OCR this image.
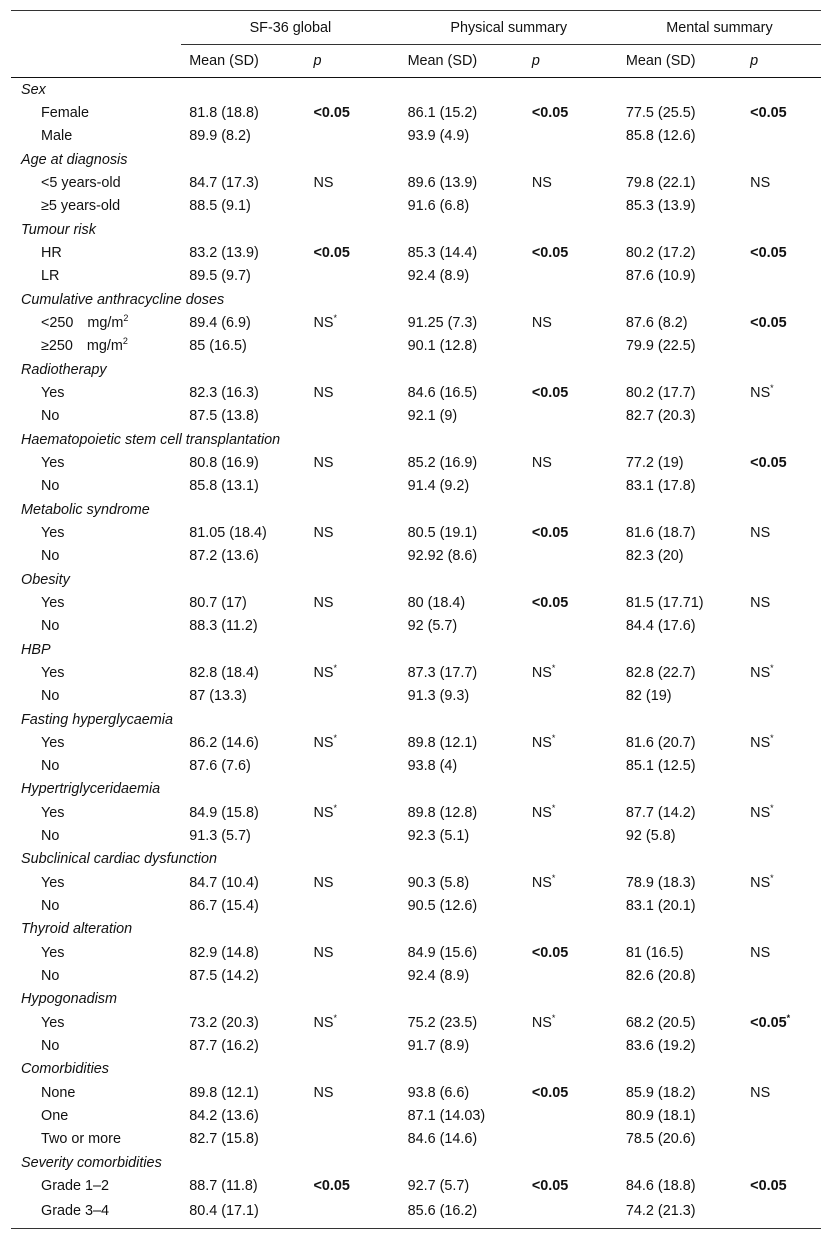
	SF-36 global		Physical summary		Mental summary	
	Mean (SD)	p	Mean (SD)	p	Mean (SD)	p
Sex						
Female	81.8 (18.8)	<0.05	86.1 (15.2)	<0.05	77.5 (25.5)	<0.05
Male	89.9 (8.2)		93.9 (4.9)		85.8 (12.6)	
Age at diagnosis						
<5 years-old	84.7 (17.3)	NS	89.6 (13.9)	NS	79.8 (22.1)	NS
≥5 years-old	88.5 (9.1)		91.6 (6.8)		85.3 (13.9)	
Tumour risk						
HR	83.2 (13.9)	<0.05	85.3 (14.4)	<0.05	80.2 (17.2)	<0.05
LR	89.5 (9.7)		92.4 (8.9)		87.6 (10.9)	
Cumulative anthracycline doses						
<250 $mg/m^2$	89.4 (6.9)	NS*	91.25 (7.3)	NS	87.6 (8.2)	<0.05
≥250 $mg/m^2$	85 (16.5)		90.1 (12.8)		79.9 (22.5)	
Radiotherapy						
Yes	82.3 (16.3)	NS	84.6 (16.5)	<0.05	80.2 (17.7)	NS*
No	87.5 (13.8)		92.1 (9)		82.7 (20.3)	
Haematopoietic stem cell transplantation						
Yes	80.8 (16.9)	NS	85.2 (16.9)	NS	77.2 (19)	<0.05
No	85.8 (13.1)		91.4 (9.2)		83.1 (17.8)	
Metabolic syndrome						
Yes	81.05 (18.4)	NS	80.5 (19.1)	<0.05	81.6 (18.7)	NS
No	87.2 (13.6)		92.92 (8.6)		82.3 (20)	
Obesity						
Yes	80.7 (17)	NS	80 (18.4)	<0.05	81.5 (17.71)	NS
No	88.3 (11.2)		92 (5.7)		84.4 (17.6)	
HBP						
Yes	82.8 (18.4)	NS*	87.3 (17.7)	NS*	82.8 (22.7)	NS*
No	87 (13.3)		91.3 (9.3)		82 (19)	
Fasting hyperglycaemia						
Yes	86.2 (14.6)	NS*	89.8 (12.1)	NS*	81.6 (20.7)	NS*
No	87.6 (7.6)		93.8 (4)		85.1 (12.5)	
Hypertriglyceridaemia						
Yes	84.9 (15.8)	NS*	89.8 (12.8)	NS*	87.7 (14.2)	NS*
No	91.3 (5.7)		92.3 (5.1)		92 (5.8)	
Subclinical cardiac dysfunction						
Yes	84.7 (10.4)	NS	90.3 (5.8)	NS*	78.9 (18.3)	NS*
No	86.7 (15.4)		90.5 (12.6)		83.1 (20.1)	
Thyroid alteration						
Yes	82.9 (14.8)	NS	84.9 (15.6)	<0.05	81 (16.5)	NS
No	87.5 (14.2)		92.4 (8.9)		82.6 (20.8)	
Hypogonadism						
Yes	73.2 (20.3)	NS*	75.2 (23.5)	NS*	68.2 (20.5)	<0.05*
No	87.7 (16.2)		91.7 (8.9)		83.6 (19.2)	
Comorbidities						
None	89.8 (12.1)	NS	93.8 (6.6)	<0.05	85.9 (18.2)	NS
One	84.2 (13.6)		87.1 (14.03)		80.9 (18.1)	
Two or more	82.7 (15.8)		84.6 (14.6)		78.5 (20.6)	
Severity comorbidities						
Grade 1–2	88.7 (11.8)	<0.05	92.7 (5.7)	<0.05	84.6 (18.8)	<0.05
Grade 3–4	80.4 (17.1)		85.6 (16.2)		74.2 (21.3)	
